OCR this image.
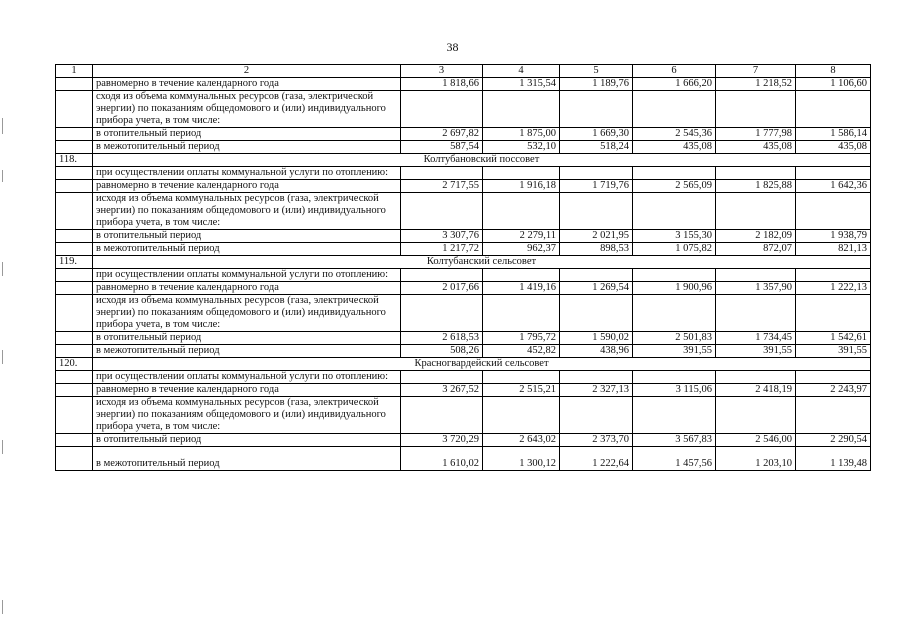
38
1	2	3	4	5	6	7	8
	равномерно в течение календарного года	1 818,66	1 315,54	1 189,76	1 666,20	1 218,52	1 106,60
	сходя из объема коммунальных ресурсов (газа, электрической энергии) по показаниям общедомового и (или) индивидуального прибора учета, в том числе:						
	в отопительный период	2 697,82	1 875,00	1 669,30	2 545,36	1 777,98	1 586,14
	в межотопительный период	587,54	532,10	518,24	435,08	435,08	435,08
118.	Колтубановский поссовет						
	при осуществлении оплаты коммунальной услуги по отоплению:						
	равномерно в течение календарного года	2 717,55	1 916,18	1 719,76	2 565,09	1 825,88	1 642,36
	исходя из объема коммунальных ресурсов (газа, электрической энергии) по показаниям общедомового и (или) индивидуального прибора учета, в том числе:						
	в отопительный период	3 307,76	2 279,11	2 021,95	3 155,30	2 182,09	1 938,79
	в межотопительный период	1 217,72	962,37	898,53	1 075,82	872,07	821,13
119.	Колтубанский сельсовет						
	при осуществлении оплаты коммунальной услуги по отоплению:						
	равномерно в течение календарного года	2 017,66	1 419,16	1 269,54	1 900,96	1 357,90	1 222,13
	исходя из объема коммунальных ресурсов (газа, электрической энергии) по показаниям общедомового и (или) индивидуального прибора учета, в том числе:						
	в отопительный период	2 618,53	1 795,72	1 590,02	2 501,83	1 734,45	1 542,61
	в межотопительный период	508,26	452,82	438,96	391,55	391,55	391,55
120.	Красногвардейский сельсовет						
	при осуществлении оплаты коммунальной услуги по отоплению:						
	равномерно в течение календарного года	3 267,52	2 515,21	2 327,13	3 115,06	2 418,19	2 243,97
	исходя из объема коммунальных ресурсов (газа, электрической энергии) по показаниям общедомового и (или) индивидуального прибора учета, в том числе:						
	в отопительный период	3 720,29	2 643,02	2 373,70	3 567,83	2 546,00	2 290,54
	в межотопительный период	1 610,02	1 300,12	1 222,64	1 457,56	1 203,10	1 139,48
